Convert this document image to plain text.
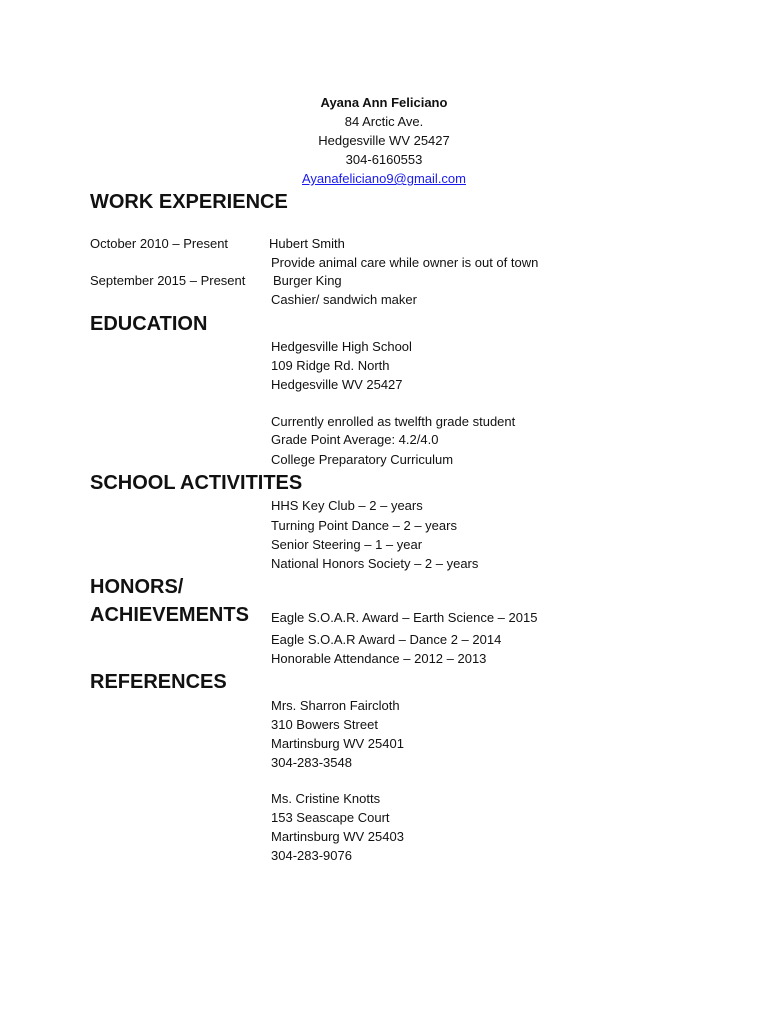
Ayana Ann Feliciano
84 Arctic Ave.
Hedgesville WV 25427
304-6160553
Ayanafeliciano9@gmail.com
WORK EXPERIENCE
October 2010 – Present	Hubert Smith
Provide animal care while owner is out of town
September 2015 – Present Burger King
Cashier/ sandwich maker
EDUCATION
Hedgesville High School
109 Ridge Rd. North
Hedgesville WV 25427
Currently enrolled as twelfth grade student
Grade Point Average: 4.2/4.0
College Preparatory Curriculum
SCHOOL ACTIVITITES
HHS Key Club – 2 – years
Turning Point Dance – 2 – years
Senior Steering – 1 – year
National Honors Society – 2 – years
HONORS/
ACHIEVEMENTS Eagle S.O.A.R. Award – Earth Science – 2015
Eagle S.O.A.R Award – Dance 2 – 2014
Honorable Attendance – 2012 – 2013
REFERENCES
Mrs. Sharron Faircloth
310 Bowers Street
Martinsburg WV 25401
304-283-3548
Ms. Cristine Knotts
153 Seascape Court
Martinsburg WV 25403
304-283-9076
